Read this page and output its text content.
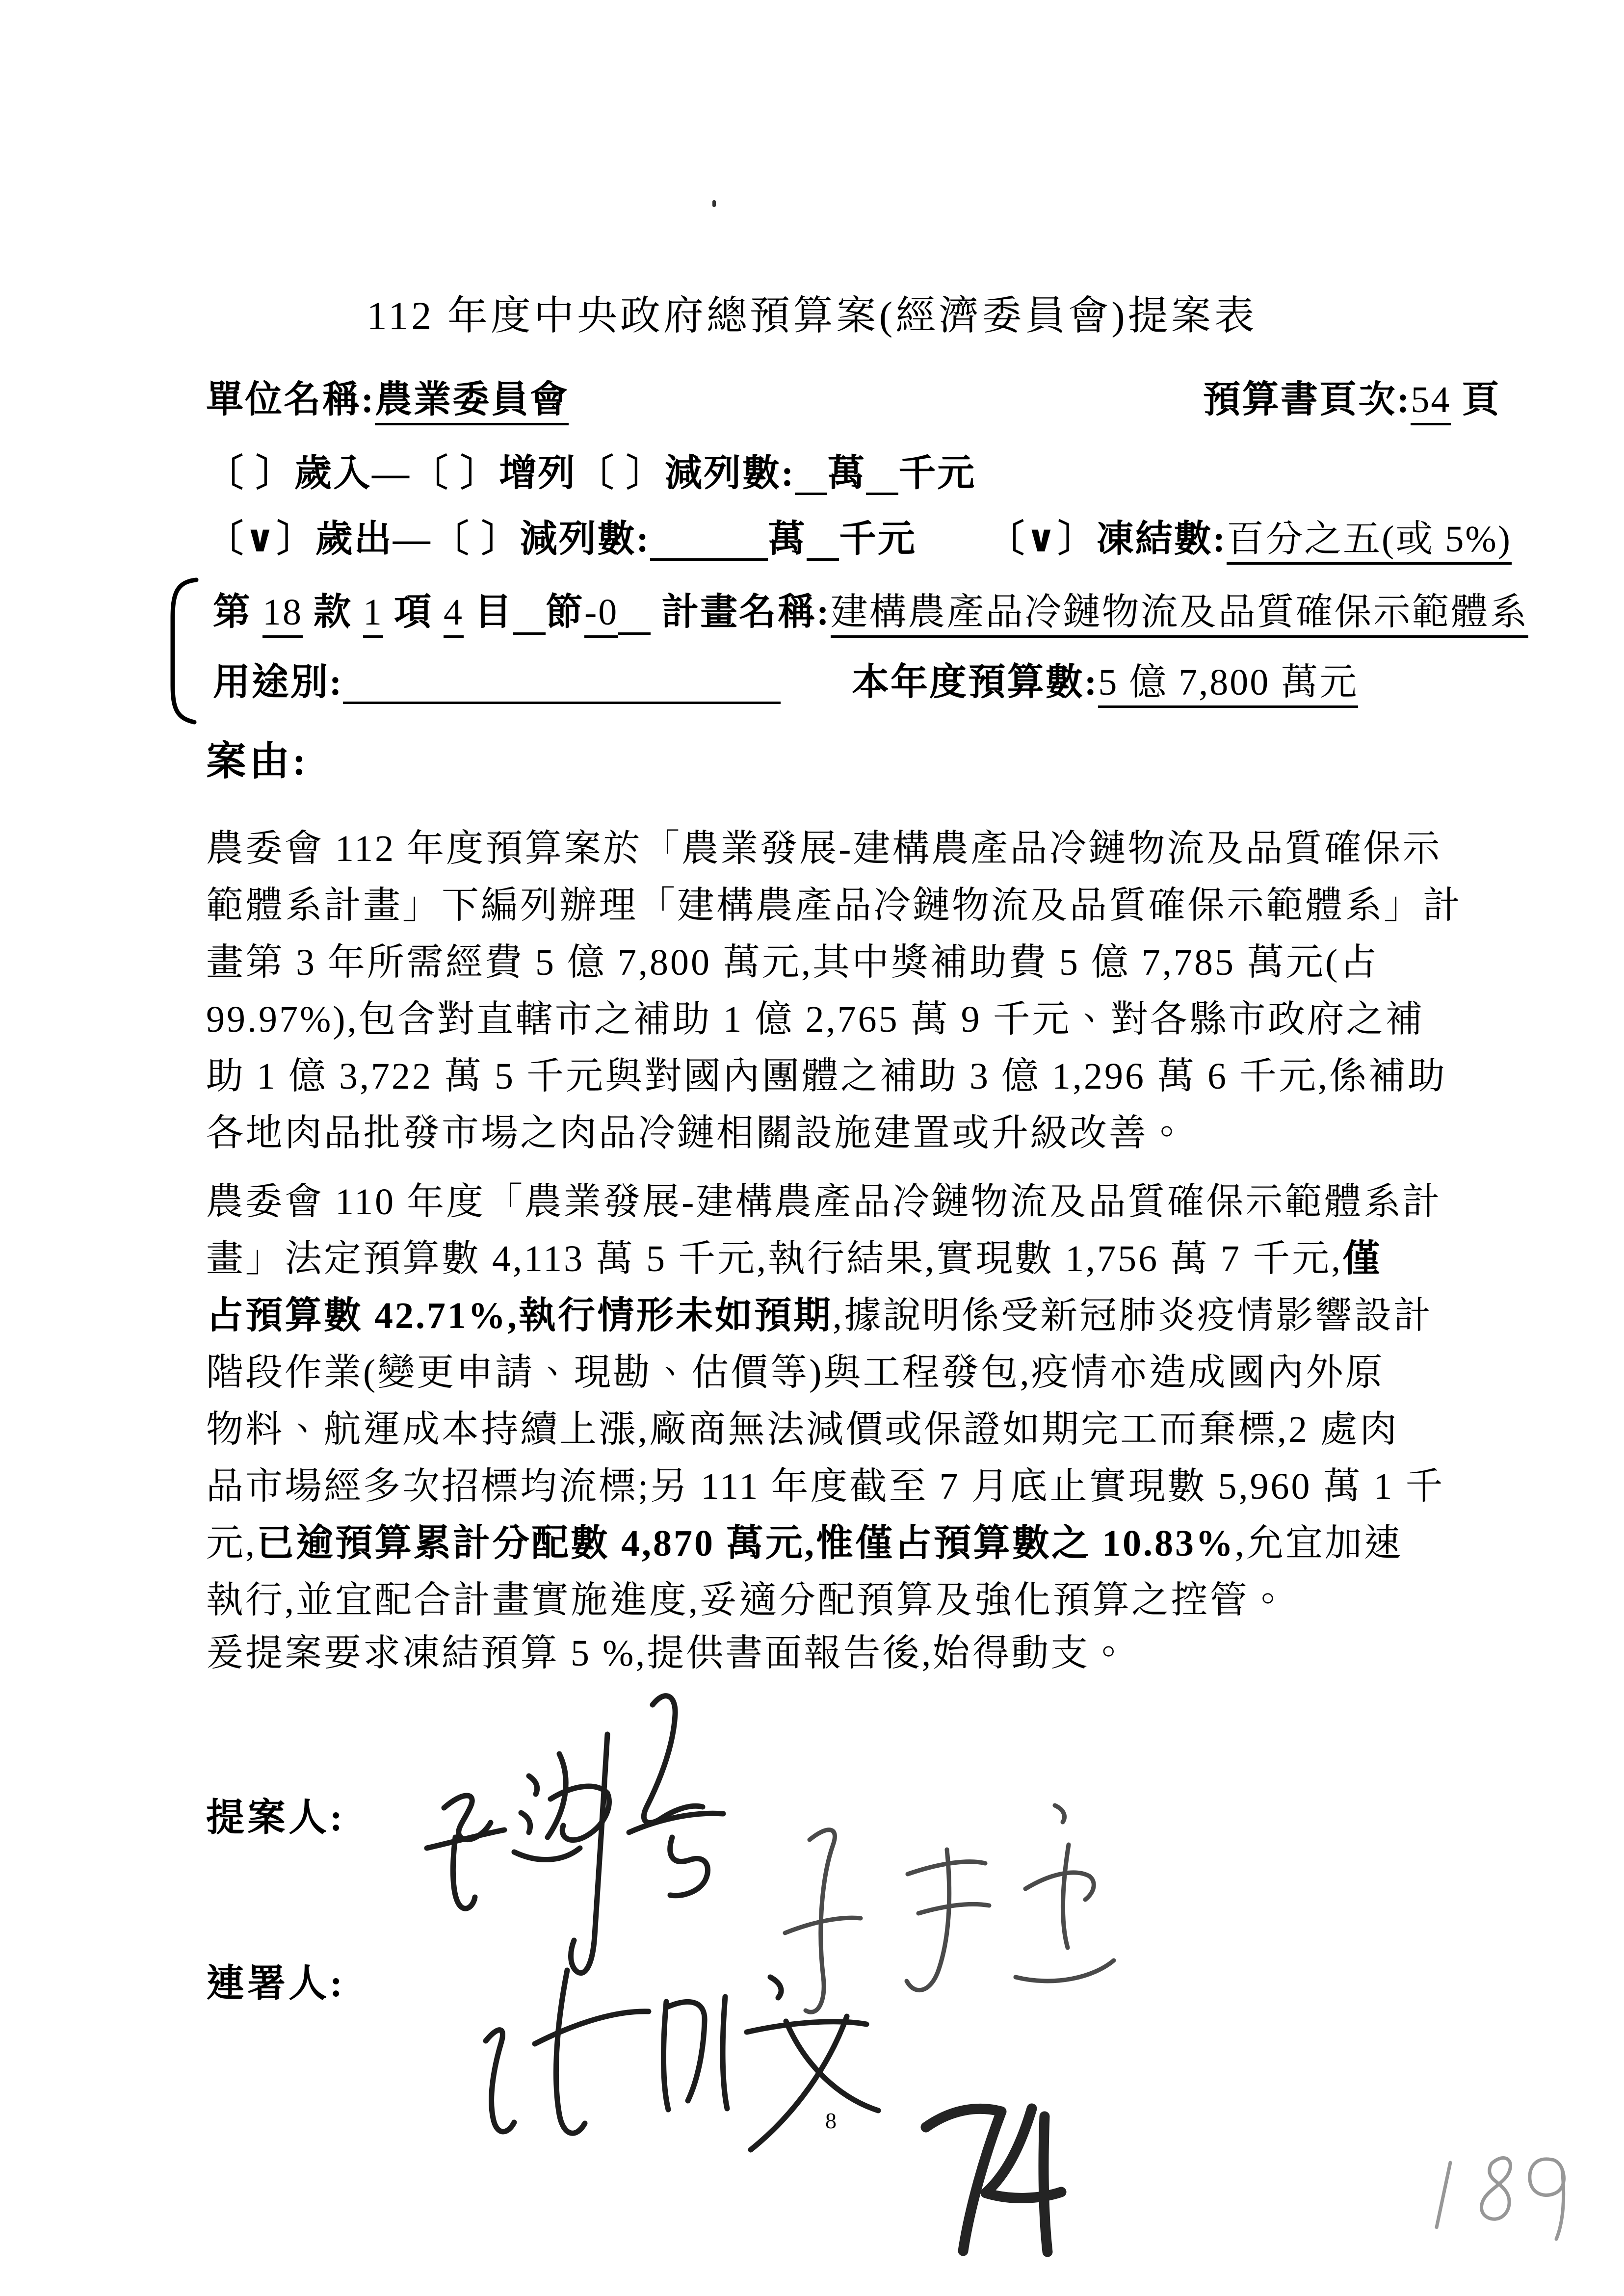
112 年度中央政府總預算案(經濟委員會)提案表
單位名稱:農業委員會	預算書頁次:54 頁
〔 〕歲入—〔 〕增列〔 〕減列數: 萬 千元
〔∨〕歲出—〔 〕減列數:	萬 千元 〔∨〕凍結數:百分之五(或 5%)
第 18 款 1 項 4 目 節-0 計畫名稱:建構農產品冷鏈物流及品質確保示範體系
用途別:	本年度預算數:5 億 7,800 萬元
案由:
農委會 112 年度預算案於「農業發展-建構農產品冷鏈物流及品質確保示
範體系計畫」下編列辦理「建構農產品冷鏈物流及品質確保示範體系」計
畫第 3 年所需經費 5 億 7,800 萬元,其中獎補助費 5 億 7,785 萬元(占
99.97%),包含對直轄市之補助 1 億 2,765 萬 9 千元、對各縣市政府之補
助 1 億 3,722 萬 5 千元與對國內團體之補助 3 億 1,296 萬 6 千元,係補助
各地肉品批發市場之肉品冷鏈相關設施建置或升級改善。
農委會 110 年度「農業發展-建構農產品冷鏈物流及品質確保示範體系計
畫」法定預算數 4,113 萬 5 千元,執行結果,實現數 1,756 萬 7 千元,僅
占預算數 42.71%,執行情形未如預期,據說明係受新冠肺炎疫情影響設計
階段作業(變更申請、現勘、估價等)與工程發包,疫情亦造成國內外原
物料、航運成本持續上漲,廠商無法減價或保證如期完工而棄標,2 處肉
品市場經多次招標均流標;另 111 年度截至 7 月底止實現數 5,960 萬 1 千
元,已逾預算累計分配數 4,870 萬元,惟僅占預算數之 10.83%,允宜加速
執行,並宜配合計畫實施進度,妥適分配預算及強化預算之控管。
爰提案要求凍結預算 5 %,提供書面報告後,始得動支。
提案人:
連署人:
8
